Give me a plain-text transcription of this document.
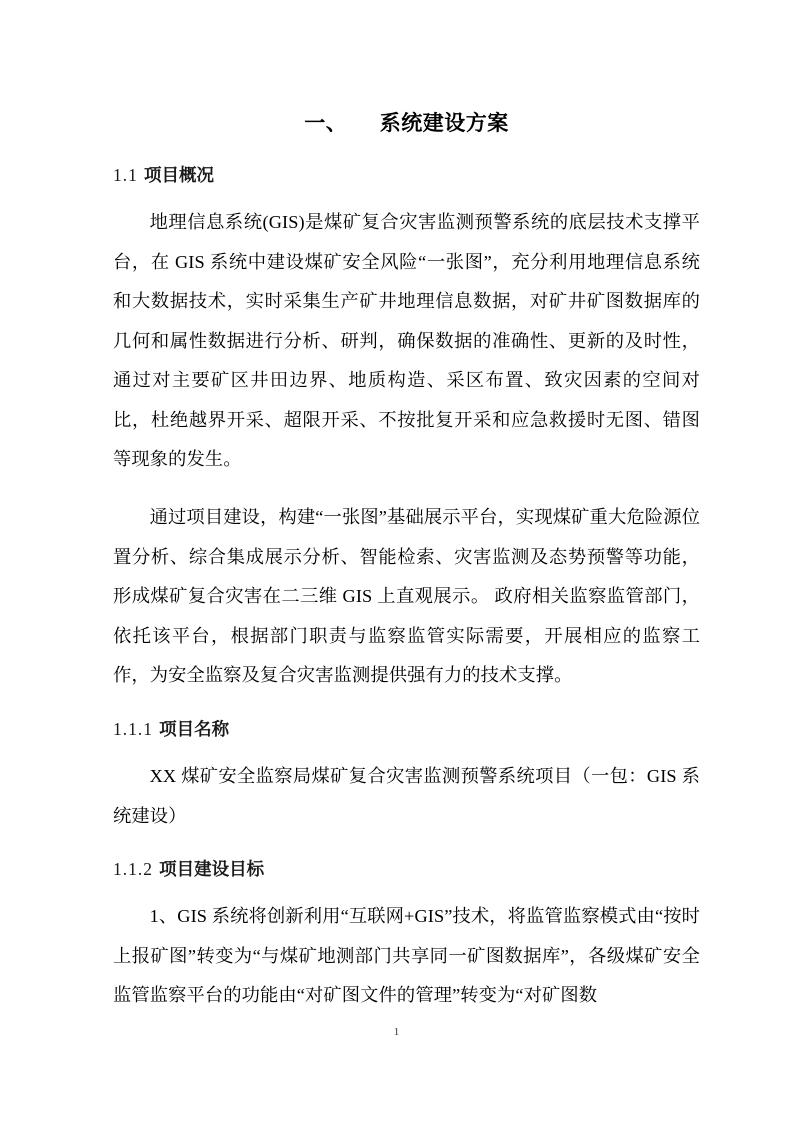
一、  系统建设方案
1.1 项目概况

地理信息系统(GIS)是煤矿复合灾害监测预警系统的底层技术支撑平台，在 GIS 系统中建设煤矿安全风险“一张图”，充分利用地理信息系统和大数据技术，实时采集生产矿井地理信息数据，对矿井矿图数据库的几何和属性数据进行分析、研判，确保数据的准确性、更新的及时性，通过对主要矿区井田边界、地质构造、采区布置、致灾因素的空间对比，杜绝越界开采、超限开采、不按批复开采和应急救援时无图、错图等现象的发生。

通过项目建设，构建“一张图”基础展示平台，实现煤矿重大危险源位置分析、综合集成展示分析、智能检索、灾害监测及态势预警等功能，形成煤矿复合灾害在二三维 GIS 上直观展示。 政府相关监察监管部门，依托该平台，根据部门职责与监察监管实际需要，开展相应的监察工作，为安全监察及复合灾害监测提供强有力的技术支撑。

1.1.1 项目名称

XX 煤矿安全监察局煤矿复合灾害监测预警系统项目（一包：GIS 系统建设）

1.1.2 项目建设目标

1、GIS 系统将创新利用“互联网+GIS”技术，将监管监察模式由“按时上报矿图”转变为“与煤矿地测部门共享同一矿图数据库”，各级煤矿安全监管监察平台的功能由“对矿图文件的管理”转变为“对矿图数

1
